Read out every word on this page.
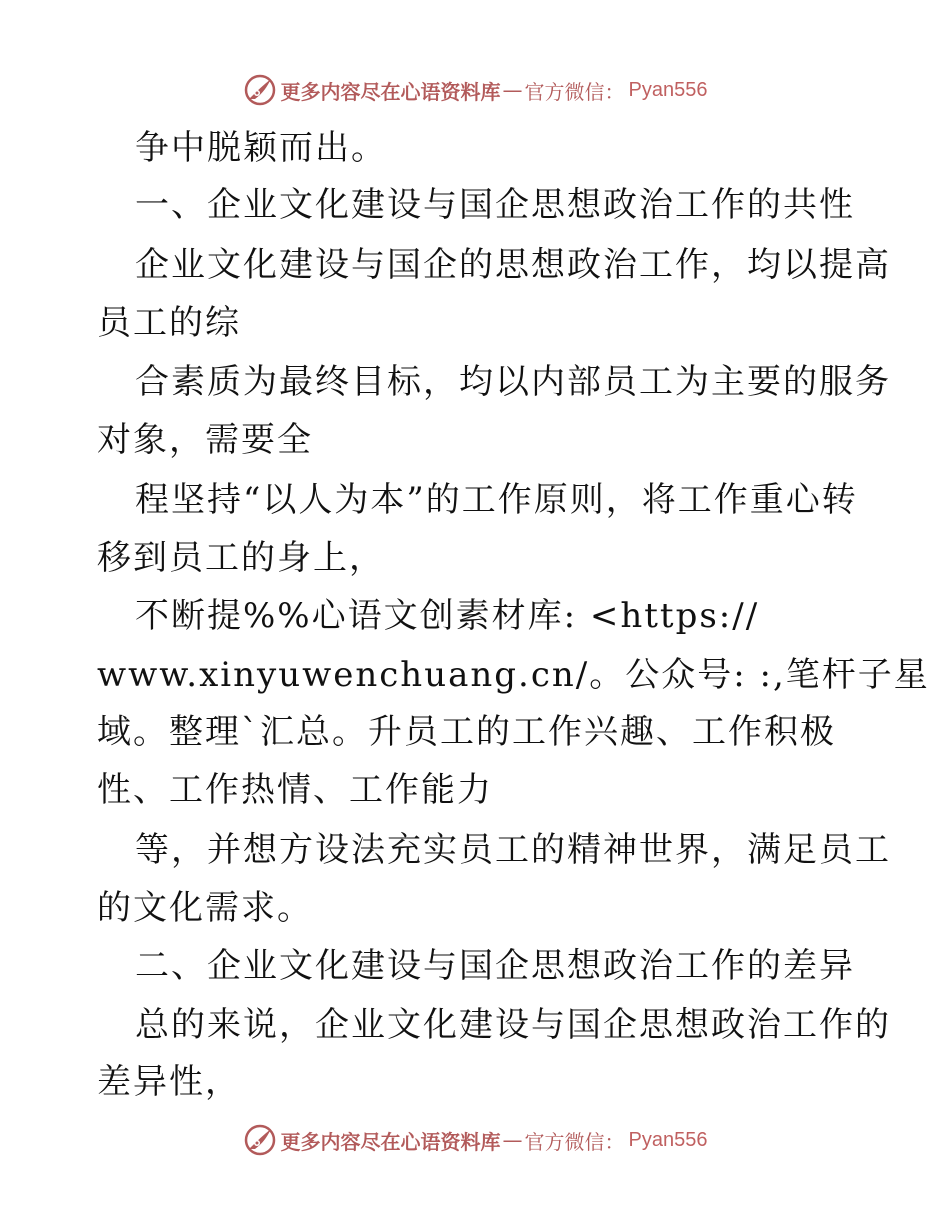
更多内容尽在心语资料库 — 官方微信： Pyan556
争中脱颖而出。
一、企业文化建设与国企思想政治工作的共性
企业文化建设与国企的思想政治工作，均以提高
员工的综
合素质为最终目标，均以内部员工为主要的服务
对象，需要全
程坚持“以人为本”的工作原则，将工作重心转
移到员工的身上，
不断提%%心语文创素材库: <https://
www.xinyuwenchuang.cn/。公众号: :,笔杆子星
域。整理`汇总。升员工的工作兴趣、工作积极
性、工作热情、工作能力
等，并想方设法充实员工的精神世界，满足员工
的文化需求。
二、企业文化建设与国企思想政治工作的差异
总的来说，企业文化建设与国企思想政治工作的
差异性，
更多内容尽在心语资料库 — 官方微信： Pyan556
